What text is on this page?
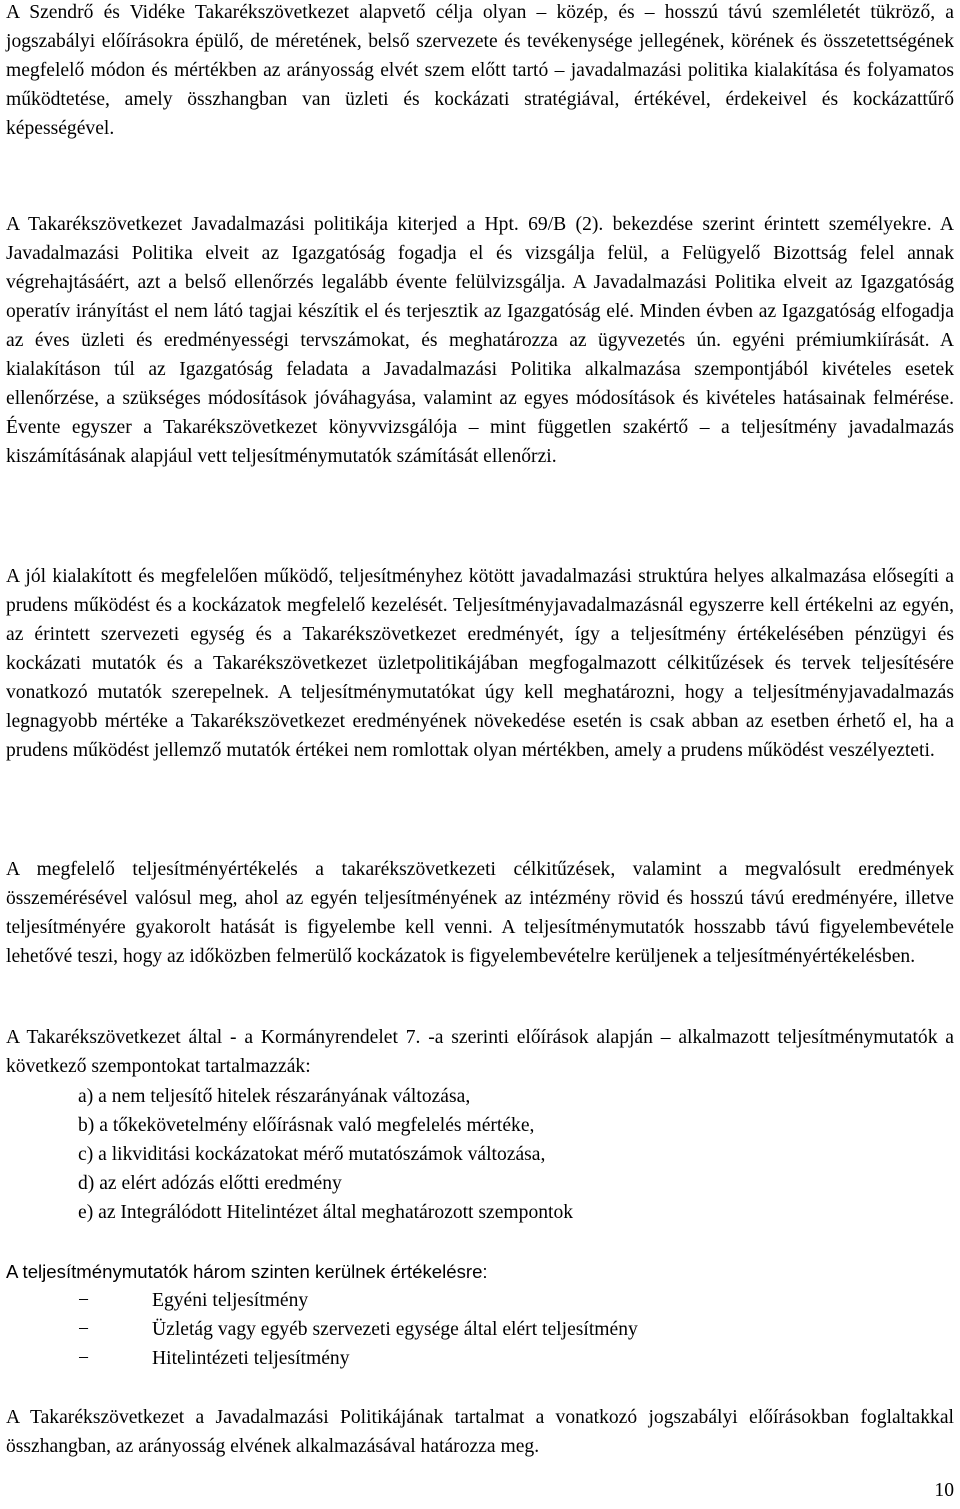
A Szendrő és Vidéke Takarékszövetkezet alapvető célja olyan – közép, és – hosszú távú szemléletét tükröző, a jogszabályi előírásokra épülő, de méretének, belső szervezete és tevékenysége jellegének, körének és összetettségének megfelelő módon és mértékben az arányosság elvét szem előtt tartó – javadalmazási politika kialakítása és folyamatos működtetése, amely összhangban van üzleti és kockázati stratégiával, értékével, érdekeivel és kockázattűrő képességével.

A Takarékszövetkezet Javadalmazási politikája kiterjed a Hpt. 69/B (2). bekezdése szerint érintett személyekre. A Javadalmazási Politika elveit az Igazgatóság fogadja el és vizsgálja felül, a Felügyelő Bizottság felel annak végrehajtásáért, azt a belső ellenőrzés legalább évente felülvizsgálja. A Javadalmazási Politika elveit az Igazgatóság operatív irányítást el nem látó tagjai készítik el és terjesztik az Igazgatóság elé. Minden évben az Igazgatóság elfogadja az éves üzleti és eredményességi tervszámokat, és meghatározza az ügyvezetés ún. egyéni prémiumkiírását. A kialakításon túl az Igazgatóság feladata a Javadalmazási Politika alkalmazása szempontjából kivételes esetek ellenőrzése, a szükséges módosítások jóváhagyása, valamint az egyes módosítások és kivételes hatásainak felmérése. Évente egyszer a Takarékszövetkezet könyvvizsgálója – mint független szakértő – a teljesítmény javadalmazás kiszámításának alapjául vett teljesítménymutatók számítását ellenőrzi.

A jól kialakított és megfelelően működő, teljesítményhez kötött javadalmazási struktúra helyes alkalmazása elősegíti a prudens működést és a kockázatok megfelelő kezelését. Teljesítményjavadalmazásnál egyszerre kell értékelni az egyén, az érintett szervezeti egység és a Takarékszövetkezet eredményét, így a teljesítmény értékelésében pénzügyi és kockázati mutatók és a Takarékszövetkezet üzletpolitikájában megfogalmazott célkitűzések és tervek teljesítésére vonatkozó mutatók szerepelnek. A teljesítménymutatókat úgy kell meghatározni, hogy a teljesítményjavadalmazás legnagyobb mértéke a Takarékszövetkezet eredményének növekedése esetén is csak abban az esetben érhető el, ha a prudens működést jellemző mutatók értékei nem romlottak olyan mértékben, amely a prudens működést veszélyezteti.

A megfelelő teljesítményértékelés a takarékszövetkezeti célkitűzések, valamint a megvalósult eredmények összemérésével valósul meg, ahol az egyén teljesítményének az intézmény rövid és hosszú távú eredményére, illetve teljesítményére gyakorolt hatását is figyelembe kell venni. A teljesítménymutatók hosszabb távú figyelembevétele lehetővé teszi, hogy az időközben felmerülő kockázatok is figyelembevételre kerüljenek a teljesítményértékelésben.

A Takarékszövetkezet által - a Kormányrendelet 7. -a szerinti előírások alapján – alkalmazott teljesítménymutatók a következő szempontokat tartalmazzák:

a) a nem teljesítő hitelek részarányának változása,
b) a tőkekövetelmény előírásnak való megfelelés mértéke,
c) a likviditási kockázatokat mérő mutatószámok változása,
d) az elért adózás előtti eredmény
e) az Integrálódott Hitelintézet által meghatározott szempontok

A teljesítménymutatók három szinten kerülnek értékelésre:

−	Egyéni teljesítmény
−	Üzletág vagy egyéb szervezeti egysége által elért teljesítmény
−	Hitelintézeti teljesítmény

A Takarékszövetkezet a Javadalmazási Politikájának tartalmat a vonatkozó jogszabályi előírásokban foglaltakkal összhangban, az arányosság elvének alkalmazásával határozza meg.

10
